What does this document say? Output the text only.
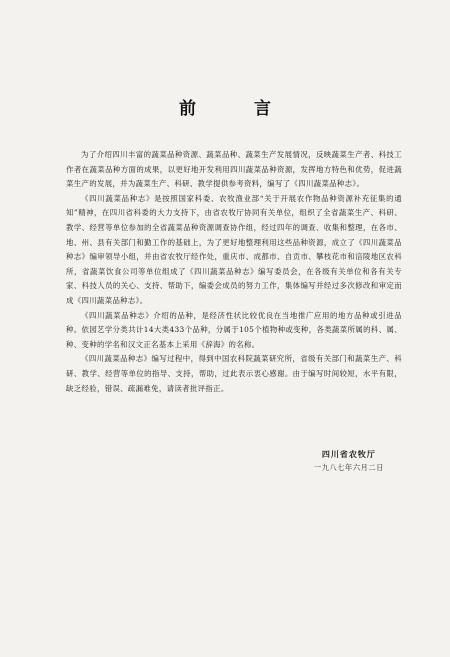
前 言

为了介绍四川丰富的蔬菜品种资源、蔬菜品种、蔬菜生产发展情况，反映蔬菜生产者、科技工作者在蔬菜品种方面的成果，以更好地开发利用四川蔬菜品种资源，发挥地方特色和优势，促进蔬菜生产的发展，并为蔬菜生产、科研、教学提供参考资料，编写了《四川蔬菜品种志》。

《四川蔬菜品种志》是按照国家科委、农牧渔业部“关于开展农作物品种资源补充征集的通知”精神，在四川省科委的大力支持下，由省农牧厅协同有关单位，组织了全省蔬菜生产、科研、教学、经营等单位参加的全省蔬菜品种资源调查协作组，经过四年的调查、收集和整理，在各市、地、州、县有关部门和勤工作的基础上，为了更好地整理利用这些品种资源，成立了《四川蔬菜品种志》编审领导小组，并由省农牧厅经作处，重庆市、成都市、自贡市、攀枝花市和涪陵地区农科所，省蔬菜饮食公司等单位组成了《四川蔬菜品种志》编写委员会，在各级有关单位和各有关专家、科技人员的关心、支持、帮助下，编委会成员的努力工作，集体编写并经过多次修改和审定而成《四川蔬菜品种志》。

《四川蔬菜品种志》介绍的品种，是经济性状比较优良在当地推广应用的地方品种或引进品种。依园艺学分类共计14大类433个品种，分属于105个植物种或变种，各类蔬菜所属的科、属、种、变种的学名和汉文正名基本上采用《辞海》的名称。

《四川蔬菜品种志》编写过程中，得到中国农科院蔬菜研究所，省级有关部门和蔬菜生产、科研、教学、经营等单位的指导、支持，帮助，过此表示衷心感谢。由于编写时间较短，水平有限，缺乏经验，错误、疏漏难免，请读者批评指正。

四川省农牧厅
一九八七年六月二日
